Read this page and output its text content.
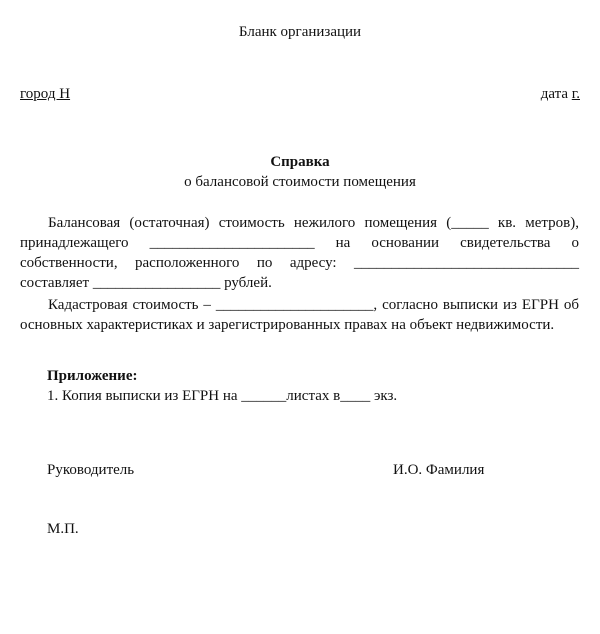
Бланк организации
город Н	дата г.
Справка
о балансовой стоимости помещения

Балансовая (остаточная) стоимость нежилого помещения (_____ кв. метров), принадлежащего ______________________ на основании свидетельства о собственности, расположенного по адресу: ______________________________ составляет _________________ рублей.

Кадастровая стоимость – _____________________, согласно выписки из ЕГРН об основных характеристиках и зарегистрированных правах на объект недвижимости.

Приложение:
1. Копия выписки из ЕГРН на ______листах в____ экз.
Руководитель	И.О. Фамилия
М.П.
